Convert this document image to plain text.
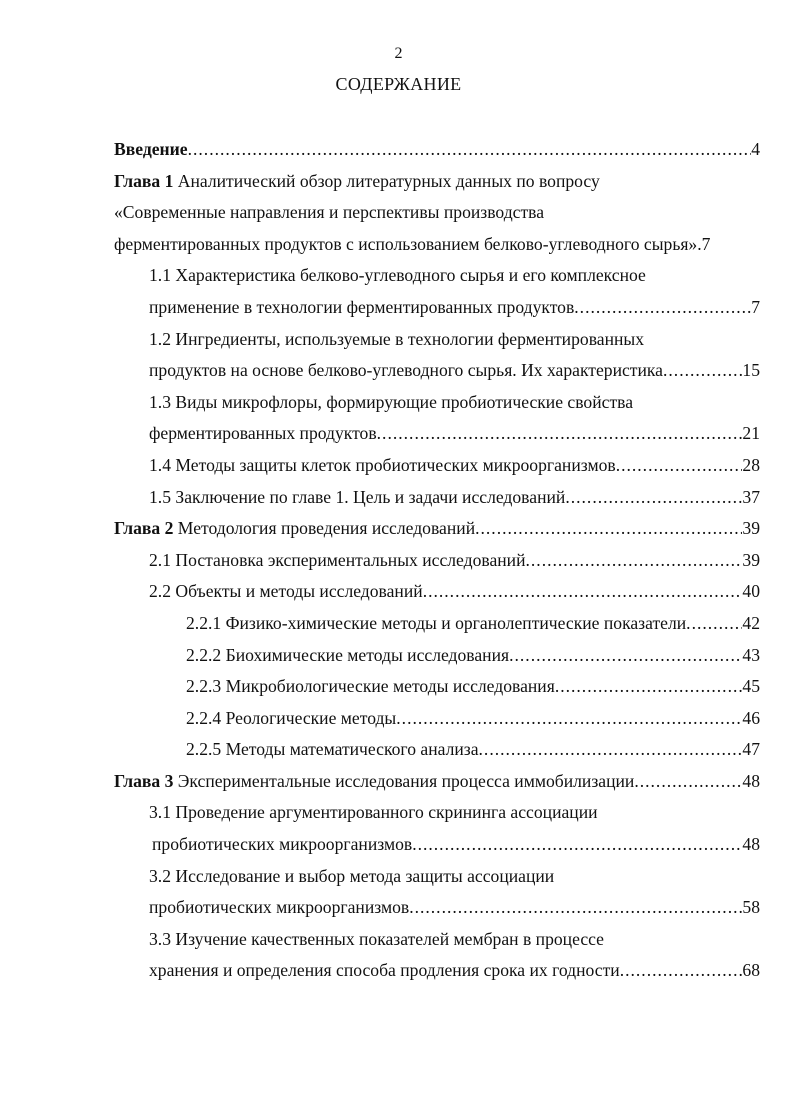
2
СОДЕРЖАНИЕ
Введение .....	4
Глава 1
Аналитический обзор литературных данных по вопросу
«Современные направления и перспективы производства
ферментированных продуктов с использованием белково-углеводного сырья» . 7
1.1 Характеристика белково-углеводного сырья и его комплексное
применение в технологии ферментированных продуктов .....	7
1.2 Ингредиенты, используемые в технологии ферментированных
продуктов на основе белково-углеводного сырья. Их характеристика .....	15
1.3 Виды микрофлоры, формирующие пробиотические свойства
ферментированных продуктов .....	21
1.4 Методы защиты клеток пробиотических микроорганизмов .....	28
1.5 Заключение по главе 1. Цель и задачи исследований .....	37
Глава 2
Методология проведения исследований .....	39
2.1 Постановка экспериментальных исследований .....	39
2.2 Объекты и методы исследований .....	40
2.2.1 Физико-химические методы и органолептические показатели .....	42
2.2.2 Биохимические методы исследования .....	43
2.2.3 Микробиологические методы исследования .....	45
2.2.4 Реологические методы .....	46
2.2.5 Методы математического анализа .....	47
Глава 3
Экспериментальные исследования процесса иммобилизации .....	48
3.1 Проведение аргументированного скрининга ассоциации
пробиотических микроорганизмов .....	48
3.2 Исследование и выбор метода защиты ассоциации
пробиотических микроорганизмов .....	58
3.3 Изучение качественных показателей мембран в процессе
хранения и определения способа продления срока их годности .....	68
